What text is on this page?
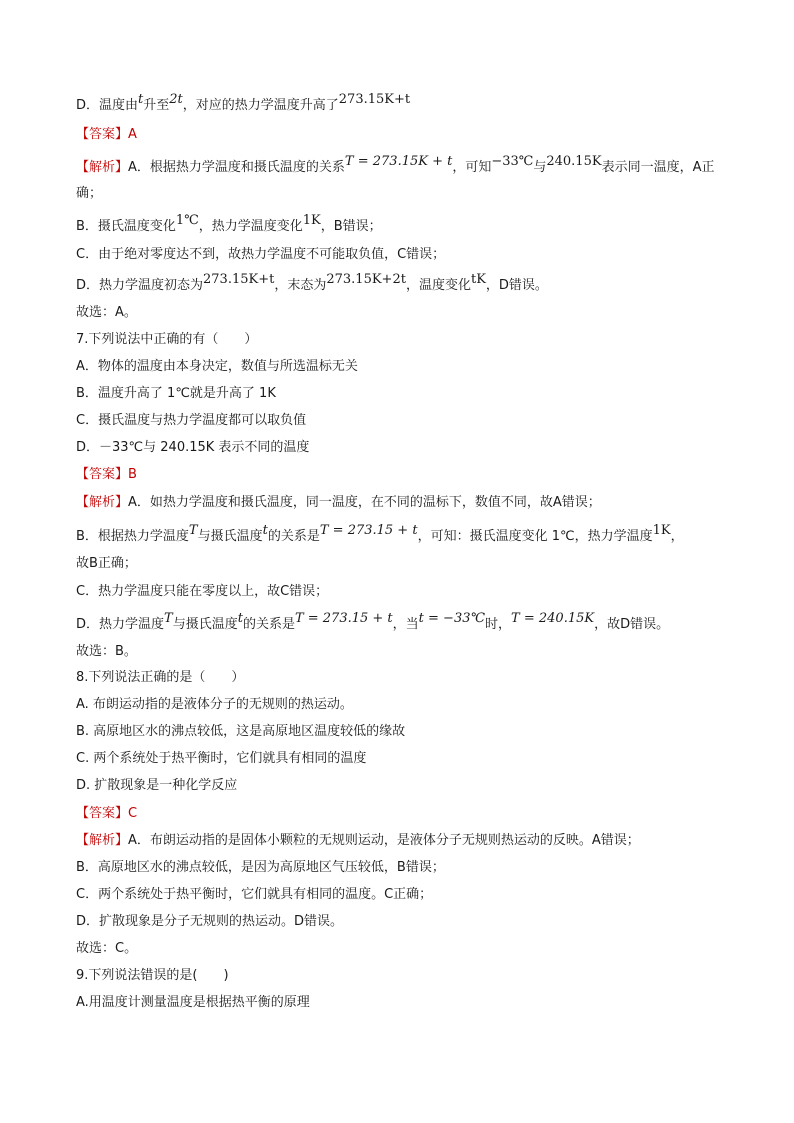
D．温度由t升至2t，对应的热力学温度升高了273.15K+t
【答案】A
【解析】A．根据热力学温度和摄氏温度的关系T = 273.15K + t，可知−33℃与240.15K表示同一温度，A正
确；
B．摄氏温度变化1℃，热力学温度变化1K，B错误；
C．由于绝对零度达不到，故热力学温度不可能取负值，C错误；
D．热力学温度初态为273.15K+t，末态为273.15K+2t，温度变化tK，D错误。
故选：A。
7.下列说法中正确的有（　　）
A．物体的温度由本身决定，数值与所选温标无关
B．温度升高了 1℃就是升高了 1K
C．摄氏温度与热力学温度都可以取负值
D．－33℃与 240.15K 表示不同的温度
【答案】B
【解析】A．如热力学温度和摄氏温度，同一温度，在不同的温标下，数值不同，故A错误；
B．根据热力学温度T与摄氏温度t的关系是T = 273.15 + t，可知：摄氏温度变化 1℃，热力学温度1K，
故B正确；
C．热力学温度只能在零度以上，故C错误；
D．热力学温度T与摄氏温度t的关系是T = 273.15 + t，当t = −33℃时，T = 240.15K，故D错误。
故选：B。
8.下列说法正确的是（　　）
A. 布朗运动指的是液体分子的无规则的热运动。
B. 高原地区水的沸点较低，这是高原地区温度较低的缘故
C. 两个系统处于热平衡时，它们就具有相同的温度
D. 扩散现象是一种化学反应
【答案】C
【解析】A．布朗运动指的是固体小颗粒的无规则运动，是液体分子无规则热运动的反映。A错误；
B．高原地区水的沸点较低，是因为高原地区气压较低，B错误；
C．两个系统处于热平衡时，它们就具有相同的温度。C正确；
D．扩散现象是分子无规则的热运动。D错误。
故选：C。
9.下列说法错误的是(　　)
A.用温度计测量温度是根据热平衡的原理
